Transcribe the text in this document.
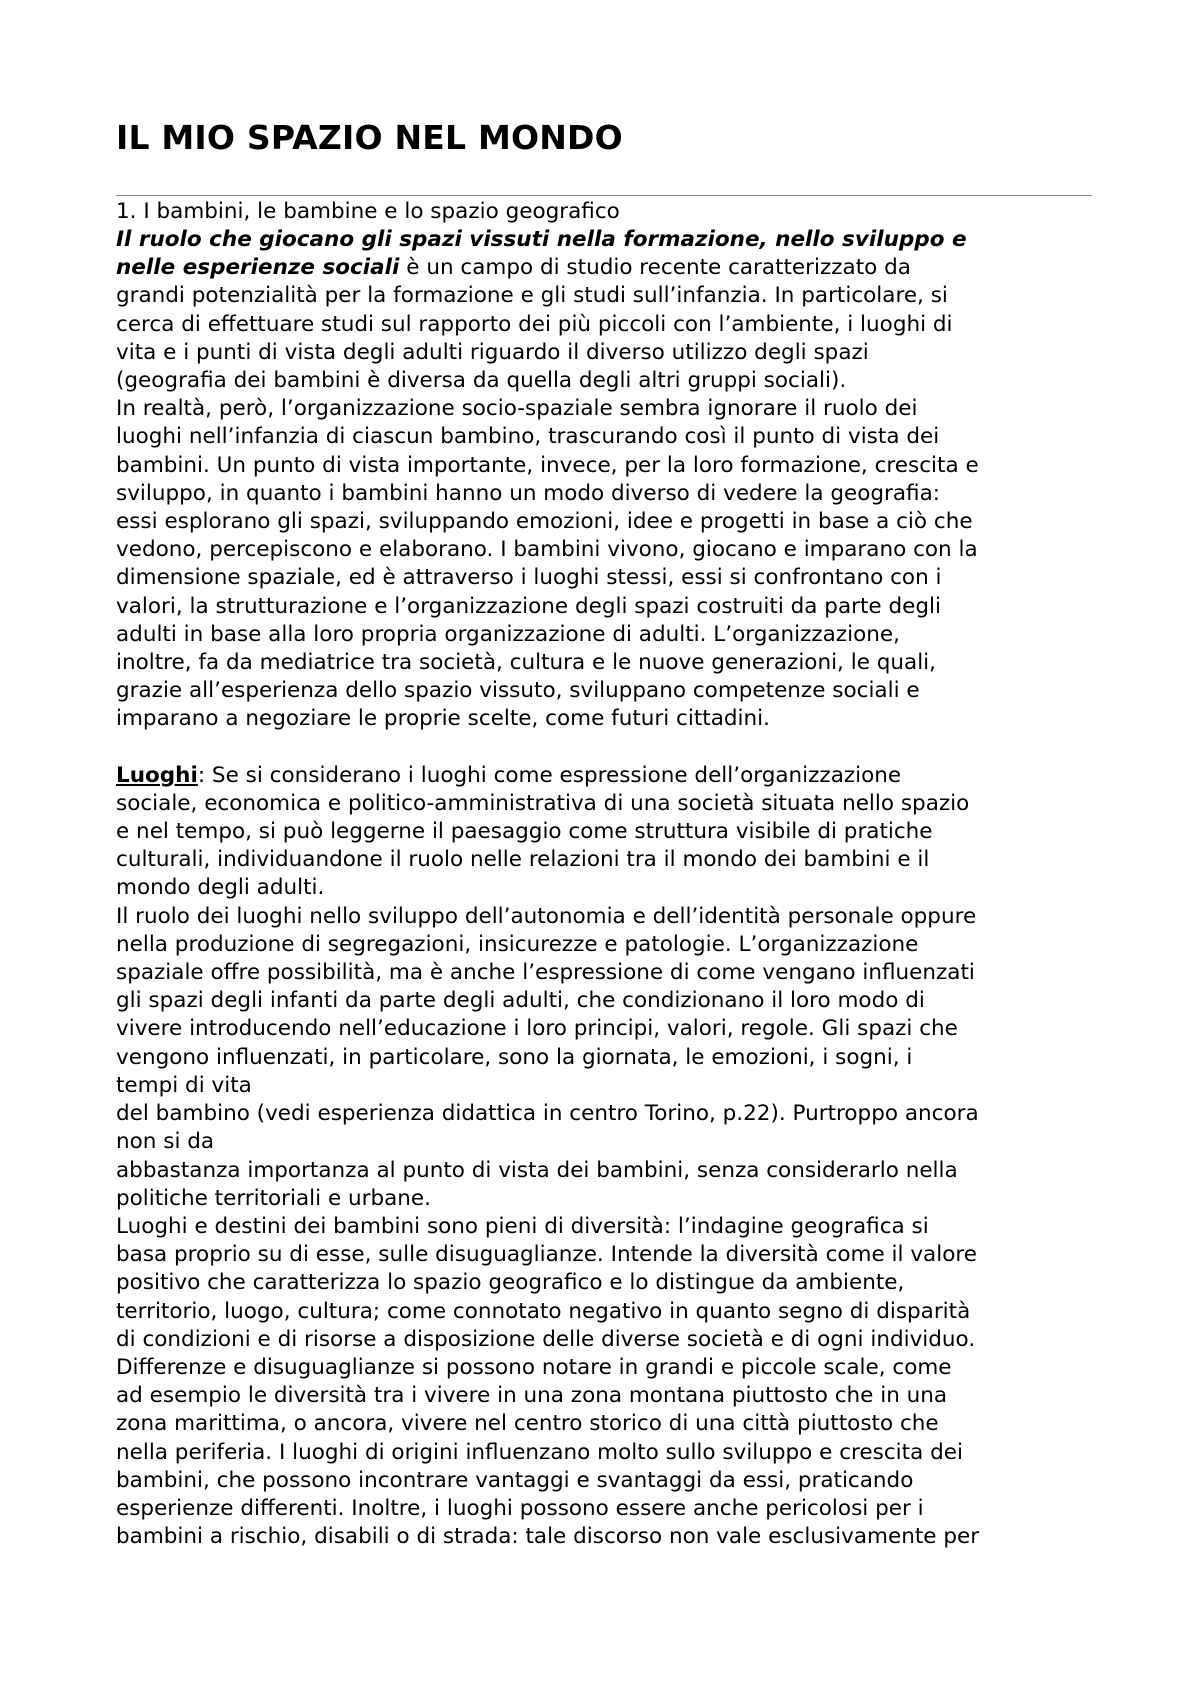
IL MIO SPAZIO NEL MONDO

1. I bambini, le bambine e lo spazio geografico

Il ruolo che giocano gli spazi vissuti nella formazione, nello sviluppo e
nelle esperienze sociali è un campo di studio recente caratterizzato da
grandi potenzialità per la formazione e gli studi sull’infanzia. In particolare, si
cerca di effettuare studi sul rapporto dei più piccoli con l’ambiente, i luoghi di
vita e i punti di vista degli adulti riguardo il diverso utilizzo degli spazi
(geografia dei bambini è diversa da quella degli altri gruppi sociali).
In realtà, però, l’organizzazione socio-spaziale sembra ignorare il ruolo dei
luoghi nell’infanzia di ciascun bambino, trascurando così il punto di vista dei
bambini. Un punto di vista importante, invece, per la loro formazione, crescita e
sviluppo, in quanto i bambini hanno un modo diverso di vedere la geografia:
essi esplorano gli spazi, sviluppando emozioni, idee e progetti in base a ciò che
vedono, percepiscono e elaborano. I bambini vivono, giocano e imparano con la
dimensione spaziale, ed è attraverso i luoghi stessi, essi si confrontano con i
valori, la strutturazione e l’organizzazione degli spazi costruiti da parte degli
adulti in base alla loro propria organizzazione di adulti. L’organizzazione,
inoltre, fa da mediatrice tra società, cultura e le nuove generazioni, le quali,
grazie all’esperienza dello spazio vissuto, sviluppano competenze sociali e
imparano a negoziare le proprie scelte, come futuri cittadini.
Luoghi: Se si considerano i luoghi come espressione dell’organizzazione
sociale, economica e politico-amministrativa di una società situata nello spazio
e nel tempo, si può leggerne il paesaggio come struttura visibile di pratiche
culturali, individuandone il ruolo nelle relazioni tra il mondo dei bambini e il
mondo degli adulti.
Il ruolo dei luoghi nello sviluppo dell’autonomia e dell’identità personale oppure
nella produzione di segregazioni, insicurezze e patologie. L’organizzazione
spaziale offre possibilità, ma è anche l’espressione di come vengano influenzati
gli spazi degli infanti da parte degli adulti, che condizionano il loro modo di
vivere introducendo nell’educazione i loro principi, valori, regole. Gli spazi che
vengono influenzati, in particolare, sono la giornata, le emozioni, i sogni, i
tempi di vita
del bambino (vedi esperienza didattica in centro Torino, p.22). Purtroppo ancora
non si da
abbastanza importanza al punto di vista dei bambini, senza considerarlo nella
politiche territoriali e urbane.
Luoghi e destini dei bambini sono pieni di diversità: l’indagine geografica si
basa proprio su di esse, sulle disuguaglianze. Intende la diversità come il valore
positivo che caratterizza lo spazio geografico e lo distingue da ambiente,
territorio, luogo, cultura; come connotato negativo in quanto segno di disparità
di condizioni e di risorse a disposizione delle diverse società e di ogni individuo.
Differenze e disuguaglianze si possono notare in grandi e piccole scale, come
ad esempio le diversità tra i vivere in una zona montana piuttosto che in una
zona marittima, o ancora, vivere nel centro storico di una città piuttosto che
nella periferia. I luoghi di origini influenzano molto sullo sviluppo e crescita dei
bambini, che possono incontrare vantaggi e svantaggi da essi, praticando
esperienze differenti. Inoltre, i luoghi possono essere anche pericolosi per i
bambini a rischio, disabili o di strada: tale discorso non vale esclusivamente per
